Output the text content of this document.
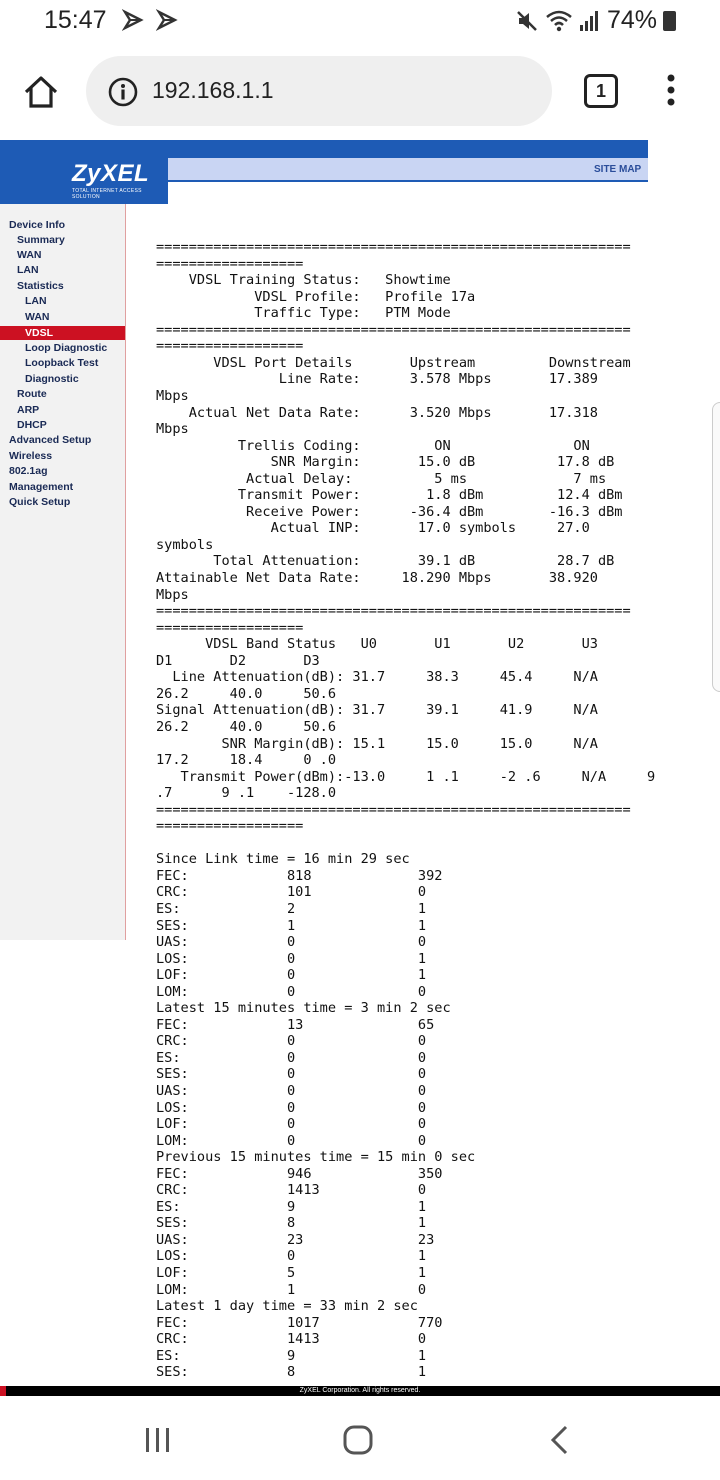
15:47	74%
192.168.1.1	1
ZyXEL
TOTAL INTERNET ACCESS SOLUTION
SITE MAP
Device Info
Summary
WAN
LAN
Statistics
LAN
WAN
VDSL
Loop Diagnostic
Loopback Test
Diagnostic
Route
ARP
DHCP
Advanced Setup
Wireless
802.1ag
Management
Quick Setup
==========================================================
==================
VDSL Training Status:   Showtime
VDSL Profile:   Profile 17a
Traffic Type:   PTM Mode
==========================================================
==================
VDSL Port Details       Upstream         Downstream
Line Rate:      3.578 Mbps       17.389
Mbps
Actual Net Data Rate:      3.520 Mbps       17.318
Mbps
Trellis Coding:         ON               ON
SNR Margin:       15.0 dB          17.8 dB
Actual Delay:          5 ms             7 ms
Transmit Power:        1.8 dBm         12.4 dBm
Receive Power:      -36.4 dBm        -16.3 dBm
Actual INP:       17.0 symbols     27.0
symbols
Total Attenuation:       39.1 dB          28.7 dB
Attainable Net Data Rate:     18.290 Mbps       38.920
Mbps
==========================================================
==================
VDSL Band Status   U0       U1       U2       U3
D1       D2       D3
Line Attenuation(dB): 31.7     38.3     45.4     N/A
26.2     40.0     50.6
Signal Attenuation(dB): 31.7     39.1     41.9     N/A
26.2     40.0     50.6
SNR Margin(dB): 15.1     15.0     15.0     N/A
17.2     18.4     0 .0
Transmit Power(dBm):-13.0     1 .1     -2 .6     N/A     9
.7      9 .1    -128.0
==========================================================
==================
Since Link time = 16 min 29 sec
FEC:            818             392
CRC:            101             0
ES:             2               1
SES:            1               1
UAS:            0               0
LOS:            0               1
LOF:            0               1
LOM:            0               0
Latest 15 minutes time = 3 min 2 sec
FEC:            13              65
CRC:            0               0
ES:             0               0
SES:            0               0
UAS:            0               0
LOS:            0               0
LOF:            0               0
LOM:            0               0
Previous 15 minutes time = 15 min 0 sec
FEC:            946             350
CRC:            1413            0
ES:             9               1
SES:            8               1
UAS:            23              23
LOS:            0               1
LOF:            5               1
LOM:            1               0
Latest 1 day time = 33 min 2 sec
FEC:            1017            770
CRC:            1413            0
ES:             9               1
SES:            8               1
ZyXEL Corporation. All rights reserved.
